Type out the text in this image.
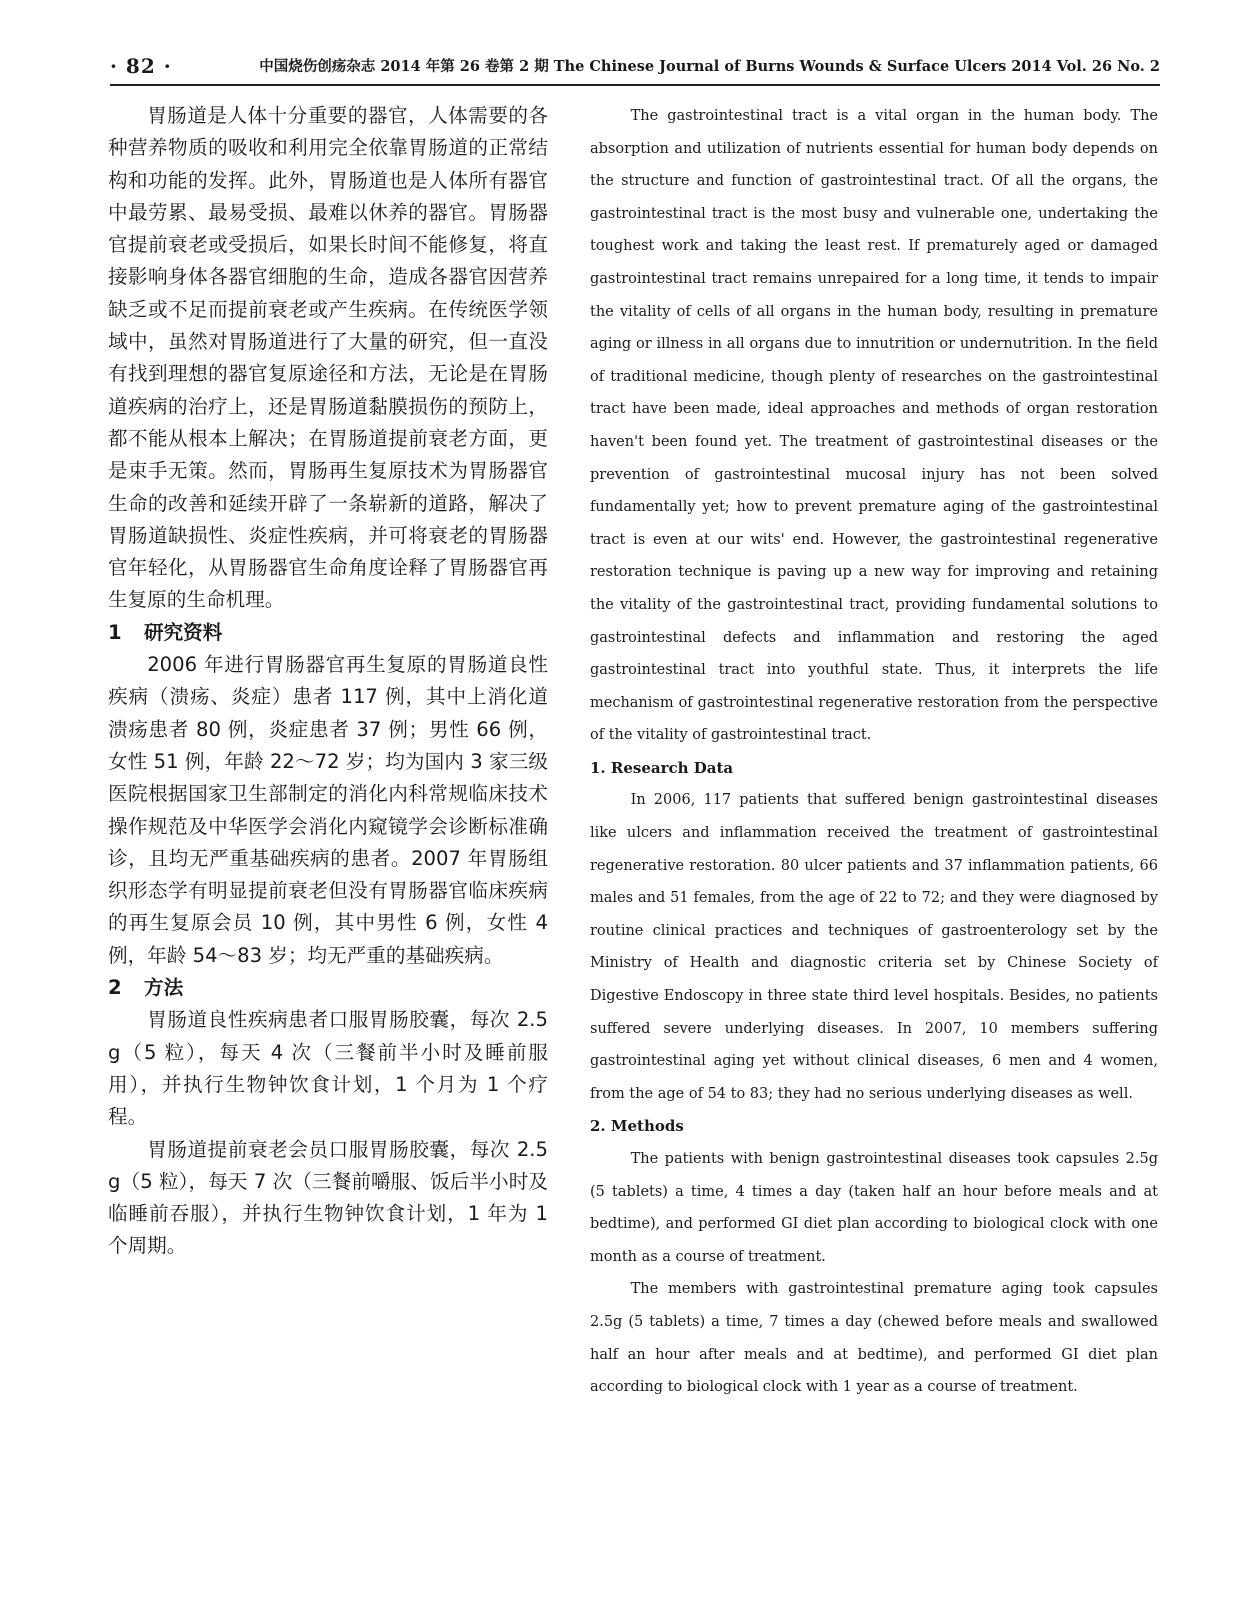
· 82 ·	中国烧伤创疡杂志 2014 年第 26 卷第 2 期 The Chinese Journal of Burns Wounds & Surface Ulcers 2014 Vol. 26 No. 2

胃肠道是人体十分重要的器官，人体需要的各种营养物质的吸收和利用完全依靠胃肠道的正常结构和功能的发挥。此外，胃肠道也是人体所有器官中最劳累、最易受损、最难以休养的器官。胃肠器官提前衰老或受损后，如果长时间不能修复，将直接影响身体各器官细胞的生命，造成各器官因营养缺乏或不足而提前衰老或产生疾病。在传统医学领域中，虽然对胃肠道进行了大量的研究，但一直没有找到理想的器官复原途径和方法，无论是在胃肠道疾病的治疗上，还是胃肠道黏膜损伤的预防上，都不能从根本上解决；在胃肠道提前衰老方面，更是束手无策。然而，胃肠再生复原技术为胃肠器官生命的改善和延续开辟了一条崭新的道路，解决了胃肠道缺损性、炎症性疾病，并可将衰老的胃肠器官年轻化，从胃肠器官生命角度诠释了胃肠器官再生复原的生命机理。

1 研究资料

2006 年进行胃肠器官再生复原的胃肠道良性疾病（溃疡、炎症）患者 117 例，其中上消化道溃疡患者 80 例，炎症患者 37 例；男性 66 例，女性 51 例，年龄 22～72 岁；均为国内 3 家三级医院根据国家卫生部制定的消化内科常规临床技术操作规范及中华医学会消化内窥镜学会诊断标准确诊，且均无严重基础疾病的患者。2007 年胃肠组织形态学有明显提前衰老但没有胃肠器官临床疾病的再生复原会员 10 例，其中男性 6 例，女性 4 例，年龄 54～83 岁；均无严重的基础疾病。

2 方法

胃肠道良性疾病患者口服胃肠胶囊，每次 2.5 g（5 粒），每天 4 次（三餐前半小时及睡前服用），并执行生物钟饮食计划，1 个月为 1 个疗程。

胃肠道提前衰老会员口服胃肠胶囊，每次 2.5 g（5 粒），每天 7 次（三餐前嚼服、饭后半小时及临睡前吞服），并执行生物钟饮食计划，1 年为 1 个周期。

The gastrointestinal tract is a vital organ in the human body. The absorption and utilization of nutrients essential for human body depends on the structure and function of gastrointestinal tract. Of all the organs, the gastrointestinal tract is the most busy and vulnerable one, undertaking the toughest work and taking the least rest. If prematurely aged or damaged gastrointestinal tract remains unrepaired for a long time, it tends to impair the vitality of cells of all organs in the human body, resulting in premature aging or illness in all organs due to innutrition or undernutrition. In the field of traditional medicine, though plenty of researches on the gastrointestinal tract have been made, ideal approaches and methods of organ restoration haven't been found yet. The treatment of gastrointestinal diseases or the prevention of gastrointestinal mucosal injury has not been solved fundamentally yet; how to prevent premature aging of the gastrointestinal tract is even at our wits' end. However, the gastrointestinal regenerative restoration technique is paving up a new way for improving and retaining the vitality of the gastrointestinal tract, providing fundamental solutions to gastrointestinal defects and inflammation and restoring the aged gastrointestinal tract into youthful state. Thus, it interprets the life mechanism of gastrointestinal regenerative restoration from the perspective of the vitality of gastrointestinal tract.

1. Research Data

In 2006, 117 patients that suffered benign gastrointestinal diseases like ulcers and inflammation received the treatment of gastrointestinal regenerative restoration. 80 ulcer patients and 37 inflammation patients, 66 males and 51 females, from the age of 22 to 72; and they were diagnosed by routine clinical practices and techniques of gastroenterology set by the Ministry of Health and diagnostic criteria set by Chinese Society of Digestive Endoscopy in three state third level hospitals. Besides, no patients suffered severe underlying diseases. In 2007, 10 members suffering gastrointestinal aging yet without clinical diseases, 6 men and 4 women, from the age of 54 to 83; they had no serious underlying diseases as well.

2. Methods

The patients with benign gastrointestinal diseases took capsules 2.5g (5 tablets) a time, 4 times a day (taken half an hour before meals and at bedtime), and performed GI diet plan according to biological clock with one month as a course of treatment.

The members with gastrointestinal premature aging took capsules 2.5g (5 tablets) a time, 7 times a day (chewed before meals and swallowed half an hour after meals and at bedtime), and performed GI diet plan according to biological clock with 1 year as a course of treatment.
